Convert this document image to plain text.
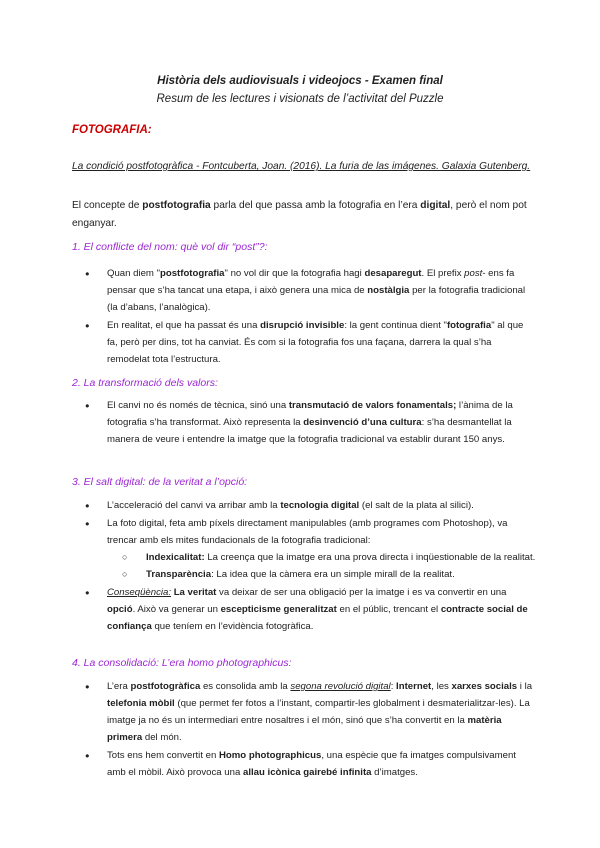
Història dels audiovisuals i videojocs - Examen final
Resum de les lectures i visionats de l’activitat del Puzzle
FOTOGRAFIA:
La condició postfotogràfica - Fontcuberta, Joan. (2016). La furia de las imágenes. Galaxia Gutenberg.
El concepte de postfotografia parla del que passa amb la fotografia en l’era digital, però el nom pot enganyar.
1. El conflicte del nom: què vol dir “post”?:
● Quan diem "postfotografia" no vol dir que la fotografia hagi desaparegut. El prefix post- ens fa pensar que s’ha tancat una etapa, i això genera una mica de nostàlgia per la fotografia tradicional (la d’abans, l’analògica).
● En realitat, el que ha passat és una disrupció invisible: la gent continua dient "fotografia" al que fa, però per dins, tot ha canviat. És com si la fotografia fos una façana, darrera la qual s’ha remodelat tota l’estructura.
2. La transformació dels valors:
● El canvi no és només de tècnica, sinó una transmutació de valors fonamentals; l’ànima de la fotografia s’ha transformat. Això representa la desinvenció d’una cultura: s’ha desmantellat la manera de veure i entendre la imatge que la fotografia tradicional va establir durant 150 anys.
3. El salt digital: de la veritat a l’opció:
● L’acceleració del canvi va arribar amb la tecnologia digital (el salt de la plata al silici).
● La foto digital, feta amb píxels directament manipulables (amb programes com Photoshop), va trencar amb els mites fundacionals de la fotografia tradicional:
○ Indexicalitat: La creença que la imatge era una prova directa i inqüestionable de la realitat.
○ Transparència: La idea que la càmera era un simple mirall de la realitat.
● Conseqüència: La veritat va deixar de ser una obligació per la imatge i es va convertir en una opció. Això va generar un escepticisme generalitzat en el públic, trencant el contracte social de confiança que teníem en l’evidència fotogràfica.
4. La consolidació: L’era homo photographicus:
● L’era postfotogràfica es consolida amb la segona revolució digital: Internet, les xarxes socials i la telefonia mòbil (que permet fer fotos a l’instant, compartir-les globalment i desmaterialitzar-les). La imatge ja no és un intermediari entre nosaltres i el món, sinó que s’ha convertit en la matèria primera del món.
● Tots ens hem convertit en Homo photographicus, una espècie que fa imatges compulsivament amb el mòbil. Això provoca una allau icònica gairebé infinita d’imatges.
